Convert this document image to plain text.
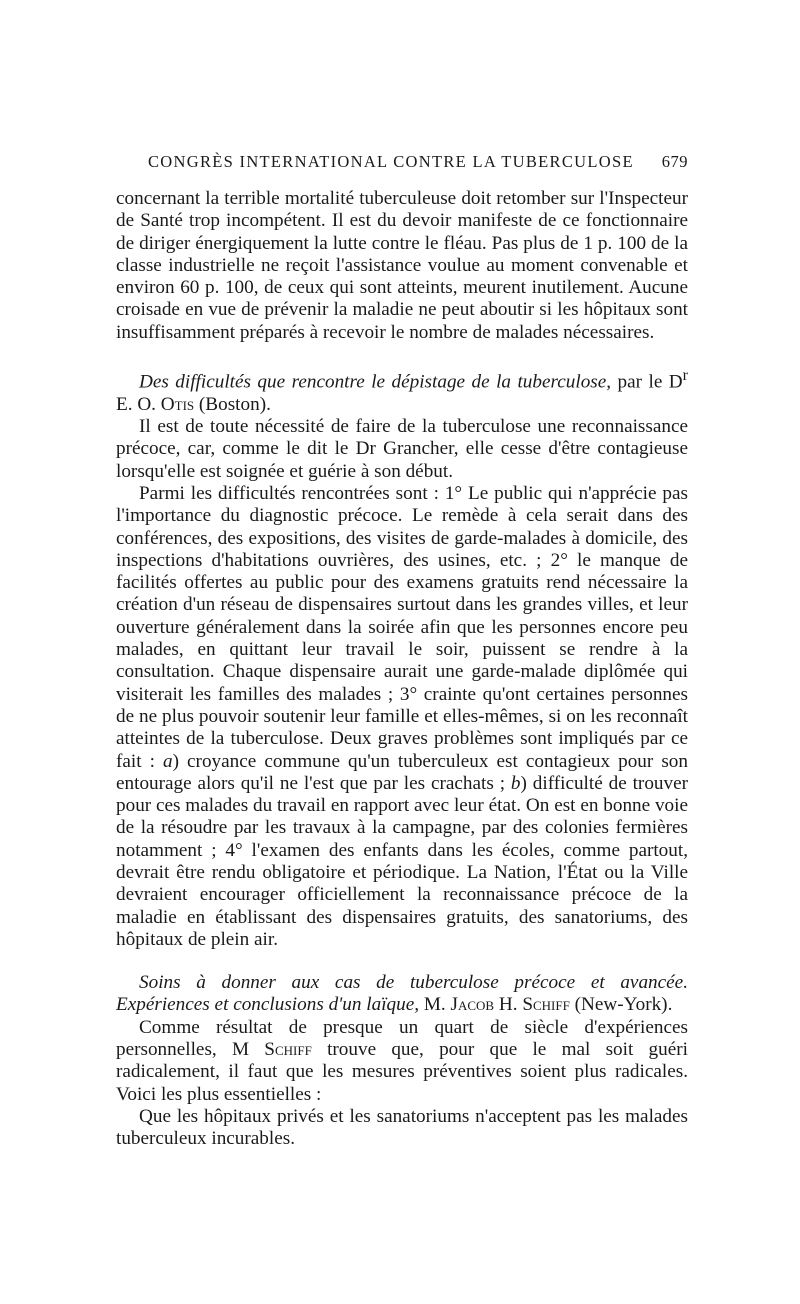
CONGRÈS INTERNATIONAL CONTRE LA TUBERCULOSE 679

concernant la terrible mortalité tuberculeuse doit retomber sur l'Inspecteur de Santé trop incompétent. Il est du devoir manifeste de ce fonctionnaire de diriger énergiquement la lutte contre le fléau. Pas plus de 1 p. 100 de la classe industrielle ne reçoit l'assistance voulue au moment convenable et environ 60 p. 100, de ceux qui sont atteints, meurent inutilement. Aucune croisade en vue de prévenir la maladie ne peut aboutir si les hôpitaux sont insuffisamment préparés à recevoir le nombre de malades nécessaires.

Des difficultés que rencontre le dépistage de la tuberculose, par le $D^r$ E. O. Otis (Boston).

Il est de toute nécessité de faire de la tuberculose une reconnaissance précoce, car, comme le dit le Dr Grancher, elle cesse d'être contagieuse lorsqu'elle est soignée et guérie à son début.

Parmi les difficultés rencontrées sont : 1° Le public qui n'apprécie pas l'importance du diagnostic précoce. Le remède à cela serait dans des conférences, des expositions, des visites de garde-malades à domicile, des inspections d'habitations ouvrières, des usines, etc. ; 2° le manque de facilités offertes au public pour des examens gratuits rend nécessaire la création d'un réseau de dispensaires surtout dans les grandes villes, et leur ouverture généralement dans la soirée afin que les personnes encore peu malades, en quittant leur travail le soir, puissent se rendre à la consultation. Chaque dispensaire aurait une garde-malade diplômée qui visiterait les familles des malades ; 3° crainte qu'ont certaines personnes de ne plus pouvoir soutenir leur famille et elles-mêmes, si on les reconnaît atteintes de la tuberculose. Deux graves problèmes sont impliqués par ce fait : a) croyance commune qu'un tuberculeux est contagieux pour son entourage alors qu'il ne l'est que par les crachats ; b) difficulté de trouver pour ces malades du travail en rapport avec leur état. On est en bonne voie de la résoudre par les travaux à la campagne, par des colonies fermières notamment ; 4° l'examen des enfants dans les écoles, comme partout, devrait être rendu obligatoire et périodique. La Nation, l'État ou la Ville devraient encourager officiellement la reconnaissance précoce de la maladie en établissant des dispensaires gratuits, des sanatoriums, des hôpitaux de plein air.

Soins à donner aux cas de tuberculose précoce et avancée. Expériences et conclusions d'un laïque, M. Jacob H. Schiff (New-York).

Comme résultat de presque un quart de siècle d'expériences personnelles, M Schiff trouve que, pour que le mal soit guéri radicalement, il faut que les mesures préventives soient plus radicales. Voici les plus essentielles :

Que les hôpitaux privés et les sanatoriums n'acceptent pas les malades tuberculeux incurables.
